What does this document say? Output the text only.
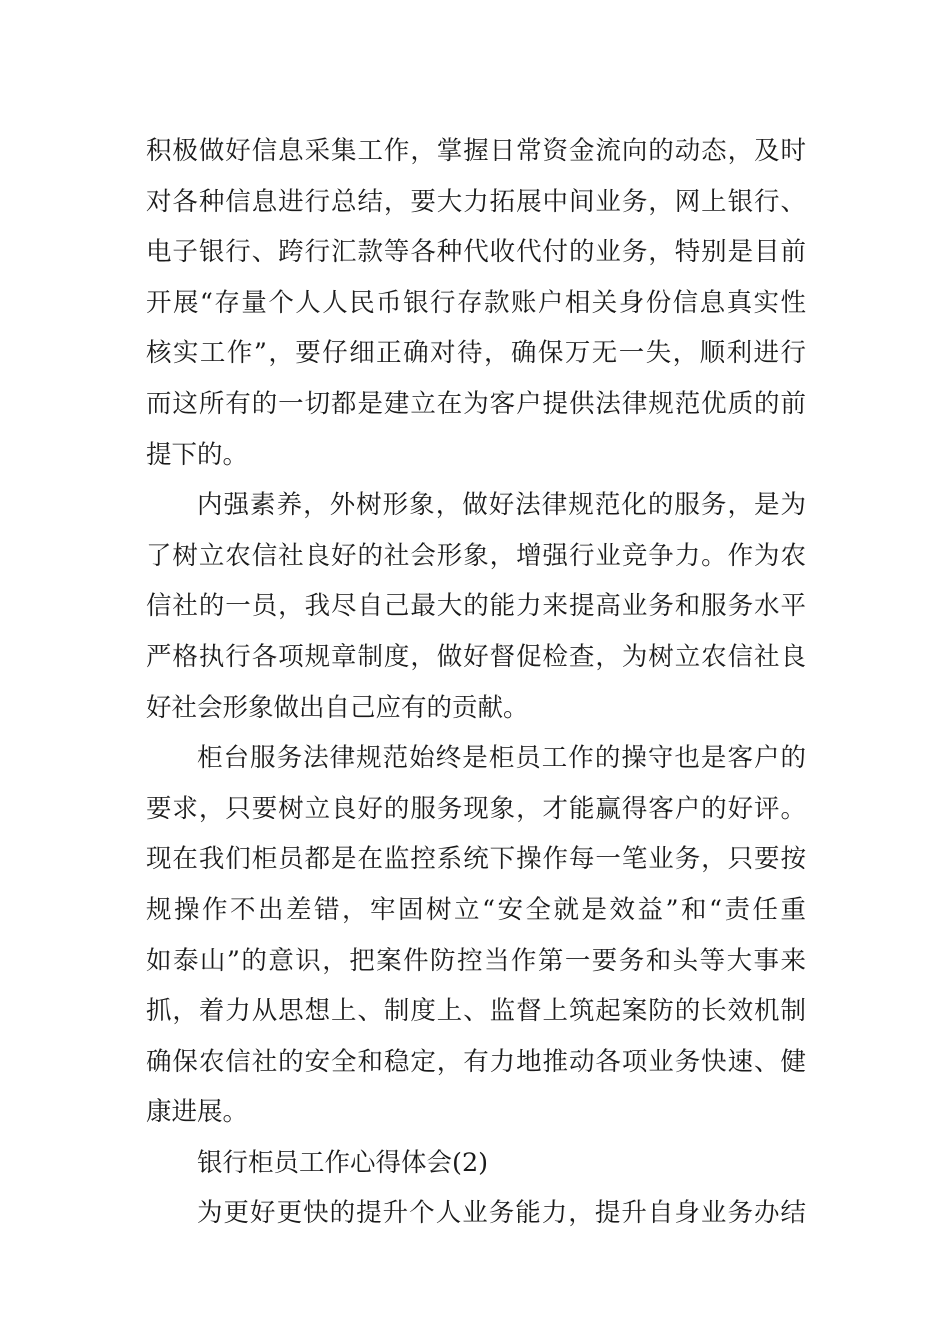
积极做好信息采集工作，掌握日常资金流向的动态，及时
对各种信息进行总结，要大力拓展中间业务，网上银行、
电子银行、跨行汇款等各种代收代付的业务，特别是目前
开展“存量个人人民币银行存款账户相关身份信息真实性
核实工作”，要仔细正确对待，确保万无一失，顺利进行
而这所有的一切都是建立在为客户提供法律规范优质的前
提下的。
内强素养，外树形象，做好法律规范化的服务，是为
了树立农信社良好的社会形象，增强行业竞争力。作为农
信社的一员，我尽自己最大的能力来提高业务和服务水平
严格执行各项规章制度，做好督促检查，为树立农信社良
好社会形象做出自己应有的贡献。
柜台服务法律规范始终是柜员工作的操守也是客户的
要求，只要树立良好的服务现象，才能赢得客户的好评。
现在我们柜员都是在监控系统下操作每一笔业务，只要按
规操作不出差错，牢固树立“安全就是效益”和“责任重
如泰山”的意识，把案件防控当作第一要务和头等大事来
抓，着力从思想上、制度上、监督上筑起案防的长效机制
确保农信社的安全和稳定，有力地推动各项业务快速、健
康进展。
银行柜员工作心得体会(2)
为更好更快的提升个人业务能力，提升自身业务办结
